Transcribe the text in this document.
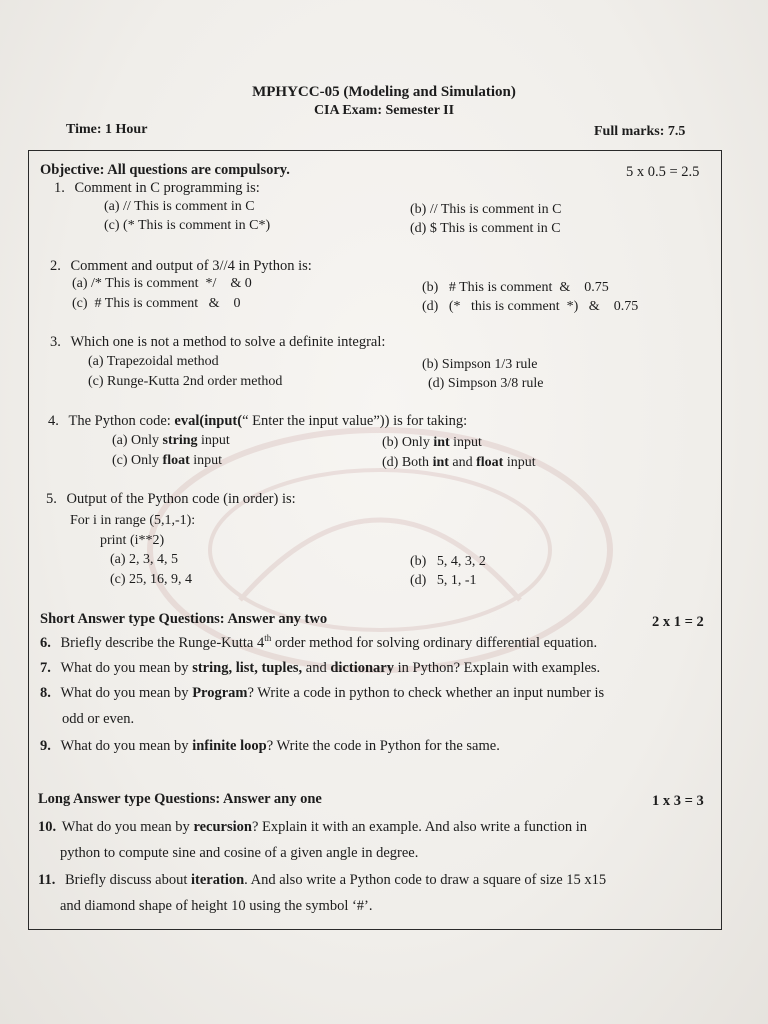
MPHYCC-05 (Modeling and Simulation)
CIA Exam: Semester II
Time: 1 Hour	Full marks: 7.5
Objective: All questions are compulsory.	5 x 0.5 = 2.5
1. Comment in C programming is:
(a) // This is comment in C	(b) // This is comment in C
(c) (* This is comment in C*)	(d) $ This is comment in C
2. Comment and output of 3//4 in Python is:
(a) /* This is comment  */    & 0	(b)   # This is comment  &    0.75
(c)  # This is comment   &    0	(d)   (*   this is comment  *)   &    0.75
3. Which one is not a method to solve a definite integral:
(a) Trapezoidal method	(b) Simpson 1/3 rule
(c) Runge-Kutta 2nd order method	(d) Simpson 3/8 rule
4. The Python code: eval(input(“ Enter the input value”)) is for taking:
(a) Only string input	(b) Only int input
(c) Only float input	(d) Both int and float input
5. Output of the Python code (in order) is:
For i in range (5,1,-1):
print (i**2)
(a) 2, 3, 4, 5	(b)   5, 4, 3, 2
(c) 25, 16, 9, 4	(d)   5, 1, -1
Short Answer type Questions: Answer any two	2 x 1 = 2
6. Briefly describe the Runge-Kutta 4th order method for solving ordinary differential equation.
7. What do you mean by string, list, tuples, and dictionary in Python? Explain with examples.
8. What do you mean by Program? Write a code in python to check whether an input number is
odd or even.
9. What do you mean by infinite loop? Write the code in Python for the same.
Long Answer type Questions: Answer any one	1 x 3 = 3
10. What do you mean by recursion? Explain it with an example. And also write a function in
python to compute sine and cosine of a given angle in degree.
11. Briefly discuss about iteration. And also write a Python code to draw a square of size 15 x15
and diamond shape of height 10 using the symbol ‘#’.
